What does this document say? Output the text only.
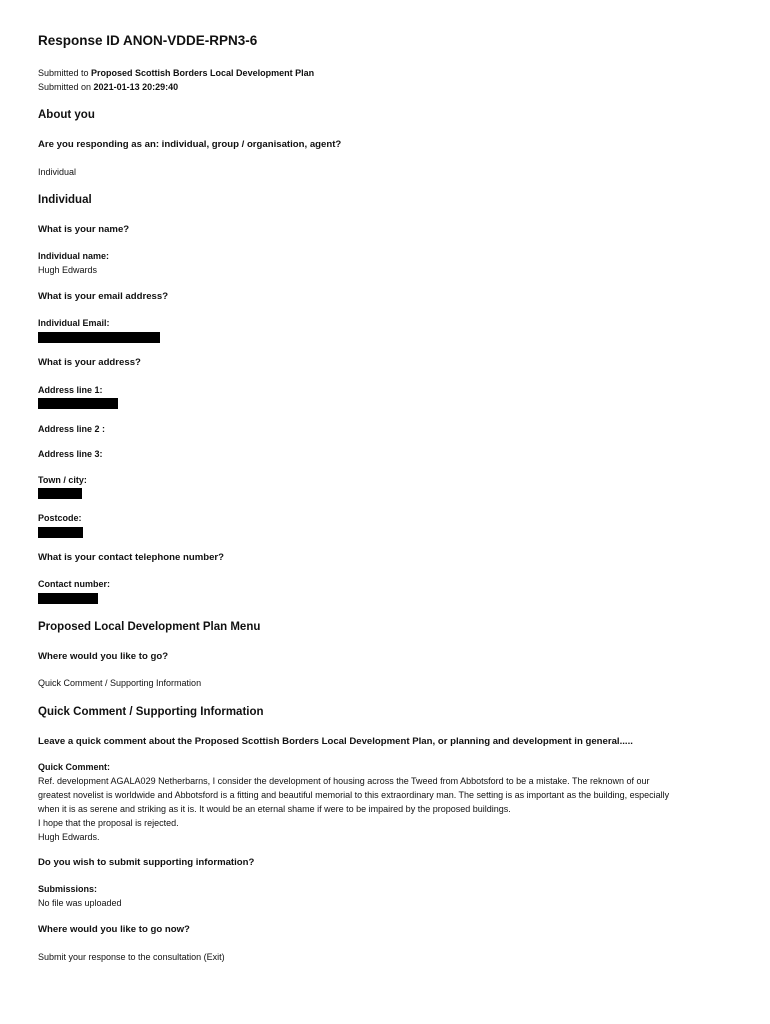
Response ID ANON-VDDE-RPN3-6
Submitted to Proposed Scottish Borders Local Development Plan
Submitted on 2021-01-13 20:29:40
About you
Are you responding as an: individual, group / organisation, agent?
Individual
Individual
What is your name?
Individual name:
Hugh Edwards
What is your email address?
Individual Email:
What is your address?
Address line 1:
Address line 2 :
Address line 3:
Town / city:
Postcode:
What is your contact telephone number?
Contact number:
Proposed Local Development Plan Menu
Where would you like to go?
Quick Comment / Supporting Information
Quick Comment / Supporting Information
Leave a quick comment about the Proposed Scottish Borders Local Development Plan, or planning and development in general.....
Quick Comment:
Ref. development AGALA029 Netherbarns, I consider the development of housing across the Tweed from Abbotsford to be a mistake. The reknown of our
greatest novelist is worldwide and Abbotsford is a fitting and beautiful memorial to this extraordinary man. The setting is as important as the building, especially
when it is as serene and striking as it is. It would be an eternal shame if were to be impaired by the proposed buildings.
I hope that the proposal is rejected.
Hugh Edwards.
Do you wish to submit supporting information?
Submissions:
No file was uploaded
Where would you like to go now?
Submit your response to the consultation (Exit)
